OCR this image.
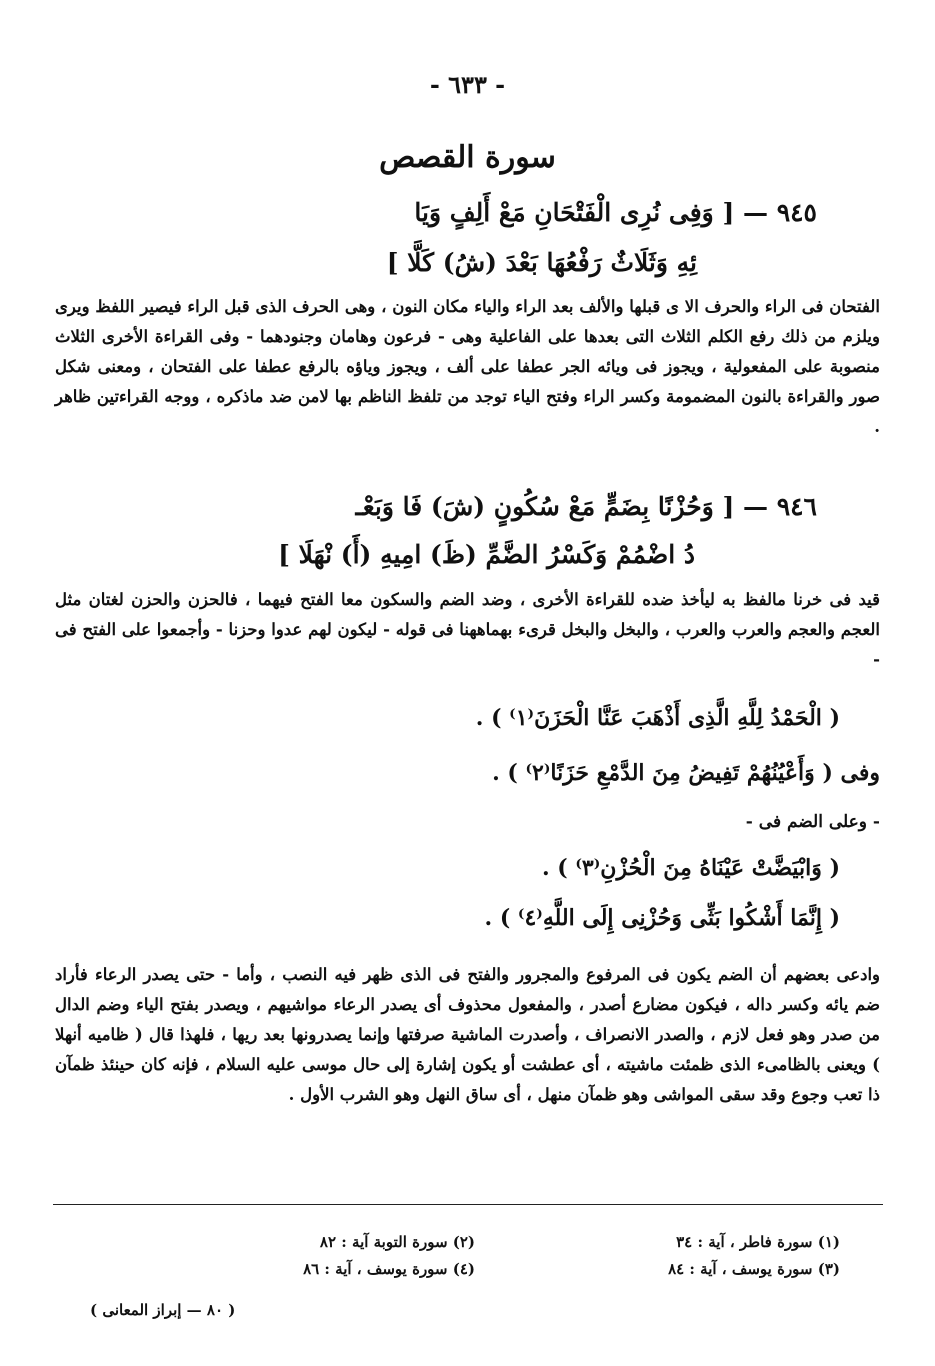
- ٦٣٣ -
سورة القصص
٩٤٥ — [ وَفِى نُرِى الْفَتْحَانِ مَعْ أَلِفٍ وَيَا
ئِهِ وَثَلَاثٌ رَفْعُهَا بَعْدَ (شُ) كَلَّا ]
الفتحان فى الراء والحرف الا ى قبلها والألف بعد الراء والياء مكان النون ، وهى الحرف الذى قبل الراء فيصير اللفظ ويرى ويلزم من ذلك رفع الكلم الثلاث التى بعدها على الفاعلية وهى - فرعون وهامان وجنودهما - وفى القراءة الأخرى الثلاث منصوبة على المفعولية ، ويجوز فى ويائه الجر عطفا على ألف ، ويجوز وياؤه بالرفع عطفا على الفتحان ، ومعنى شكل صور والقراءة بالنون المضمومة وكسر الراء وفتح الياء توجد من تلفظ الناظم بها لامن ضد ماذكره ، ووجه القراءتين ظاهر .
٩٤٦ — [ وَحُزْنًا بِضَمٍّ مَعْ سُكُونٍ (شَ) فَا وَبَعْـ
دُ اضْمُمْ وَكَسْرُ الضَّمِّ (ظَ) امِيهِ (أَ) نْهَلَا ]
قيد فى خرنا مالفظ به ليأخذ ضده للقراءة الأخرى ، وضد الضم والسكون معا الفتح فيهما ، فالحزن والحزن لغتان مثل العجم والعجم والعرب والعرب ، والبخل والبخل قرىء بهماههنا فى قوله - ليكون لهم عدوا وحزنا - وأجمعوا على الفتح فى -
( الْحَمْدُ لِلَّهِ الَّذِى أَذْهَبَ عَنَّا الْحَزَنَ⁽١⁾ ) .
وفى ( وَأَعْيُنُهُمْ تَفِيضُ مِنَ الدَّمْعِ حَزَنًا⁽٢⁾ ) .
- وعلى الضم فى -
( وَابْيَضَّتْ عَيْنَاهُ مِنَ الْحُزْنِ⁽٣⁾ ) .
( إِنَّمَا أَشْكُوا بَثِّى وَحُزْنِى إِلَى اللَّهِ⁽٤⁾ ) .
وادعى بعضهم أن الضم يكون فى المرفوع والمجرور والفتح فى الذى ظهر فيه النصب ، وأما - حتى يصدر الرعاء فأراد ضم يائه وكسر داله ، فيكون مضارع أصدر ، والمفعول محذوف أى يصدر الرعاء مواشيهم ، ويصدر بفتح الياء وضم الدال من صدر وهو فعل لازم ، والصدر الانصراف ، وأصدرت الماشية صرفتها وإنما يصدرونها بعد ريها ، فلهذا قال ( ظاميه أنهلا ) ويعنى بالظامىء الذى ظمئت ماشيته ، أى عطشت أو يكون إشارة إلى حال موسى عليه السلام ، فإنه كان حينئذ ظمآن ذا تعب وجوع وقد سقى المواشى وهو ظمآن منهل ، أى ساق النهل وهو الشرب الأول .
(١) سورة فاطر ، آية : ٣٤
(٢) سورة التوبة آية : ٨٢
(٣) سورة يوسف ، آية : ٨٤
(٤) سورة يوسف ، آية : ٨٦
( ٨٠ — إبراز المعانى )
